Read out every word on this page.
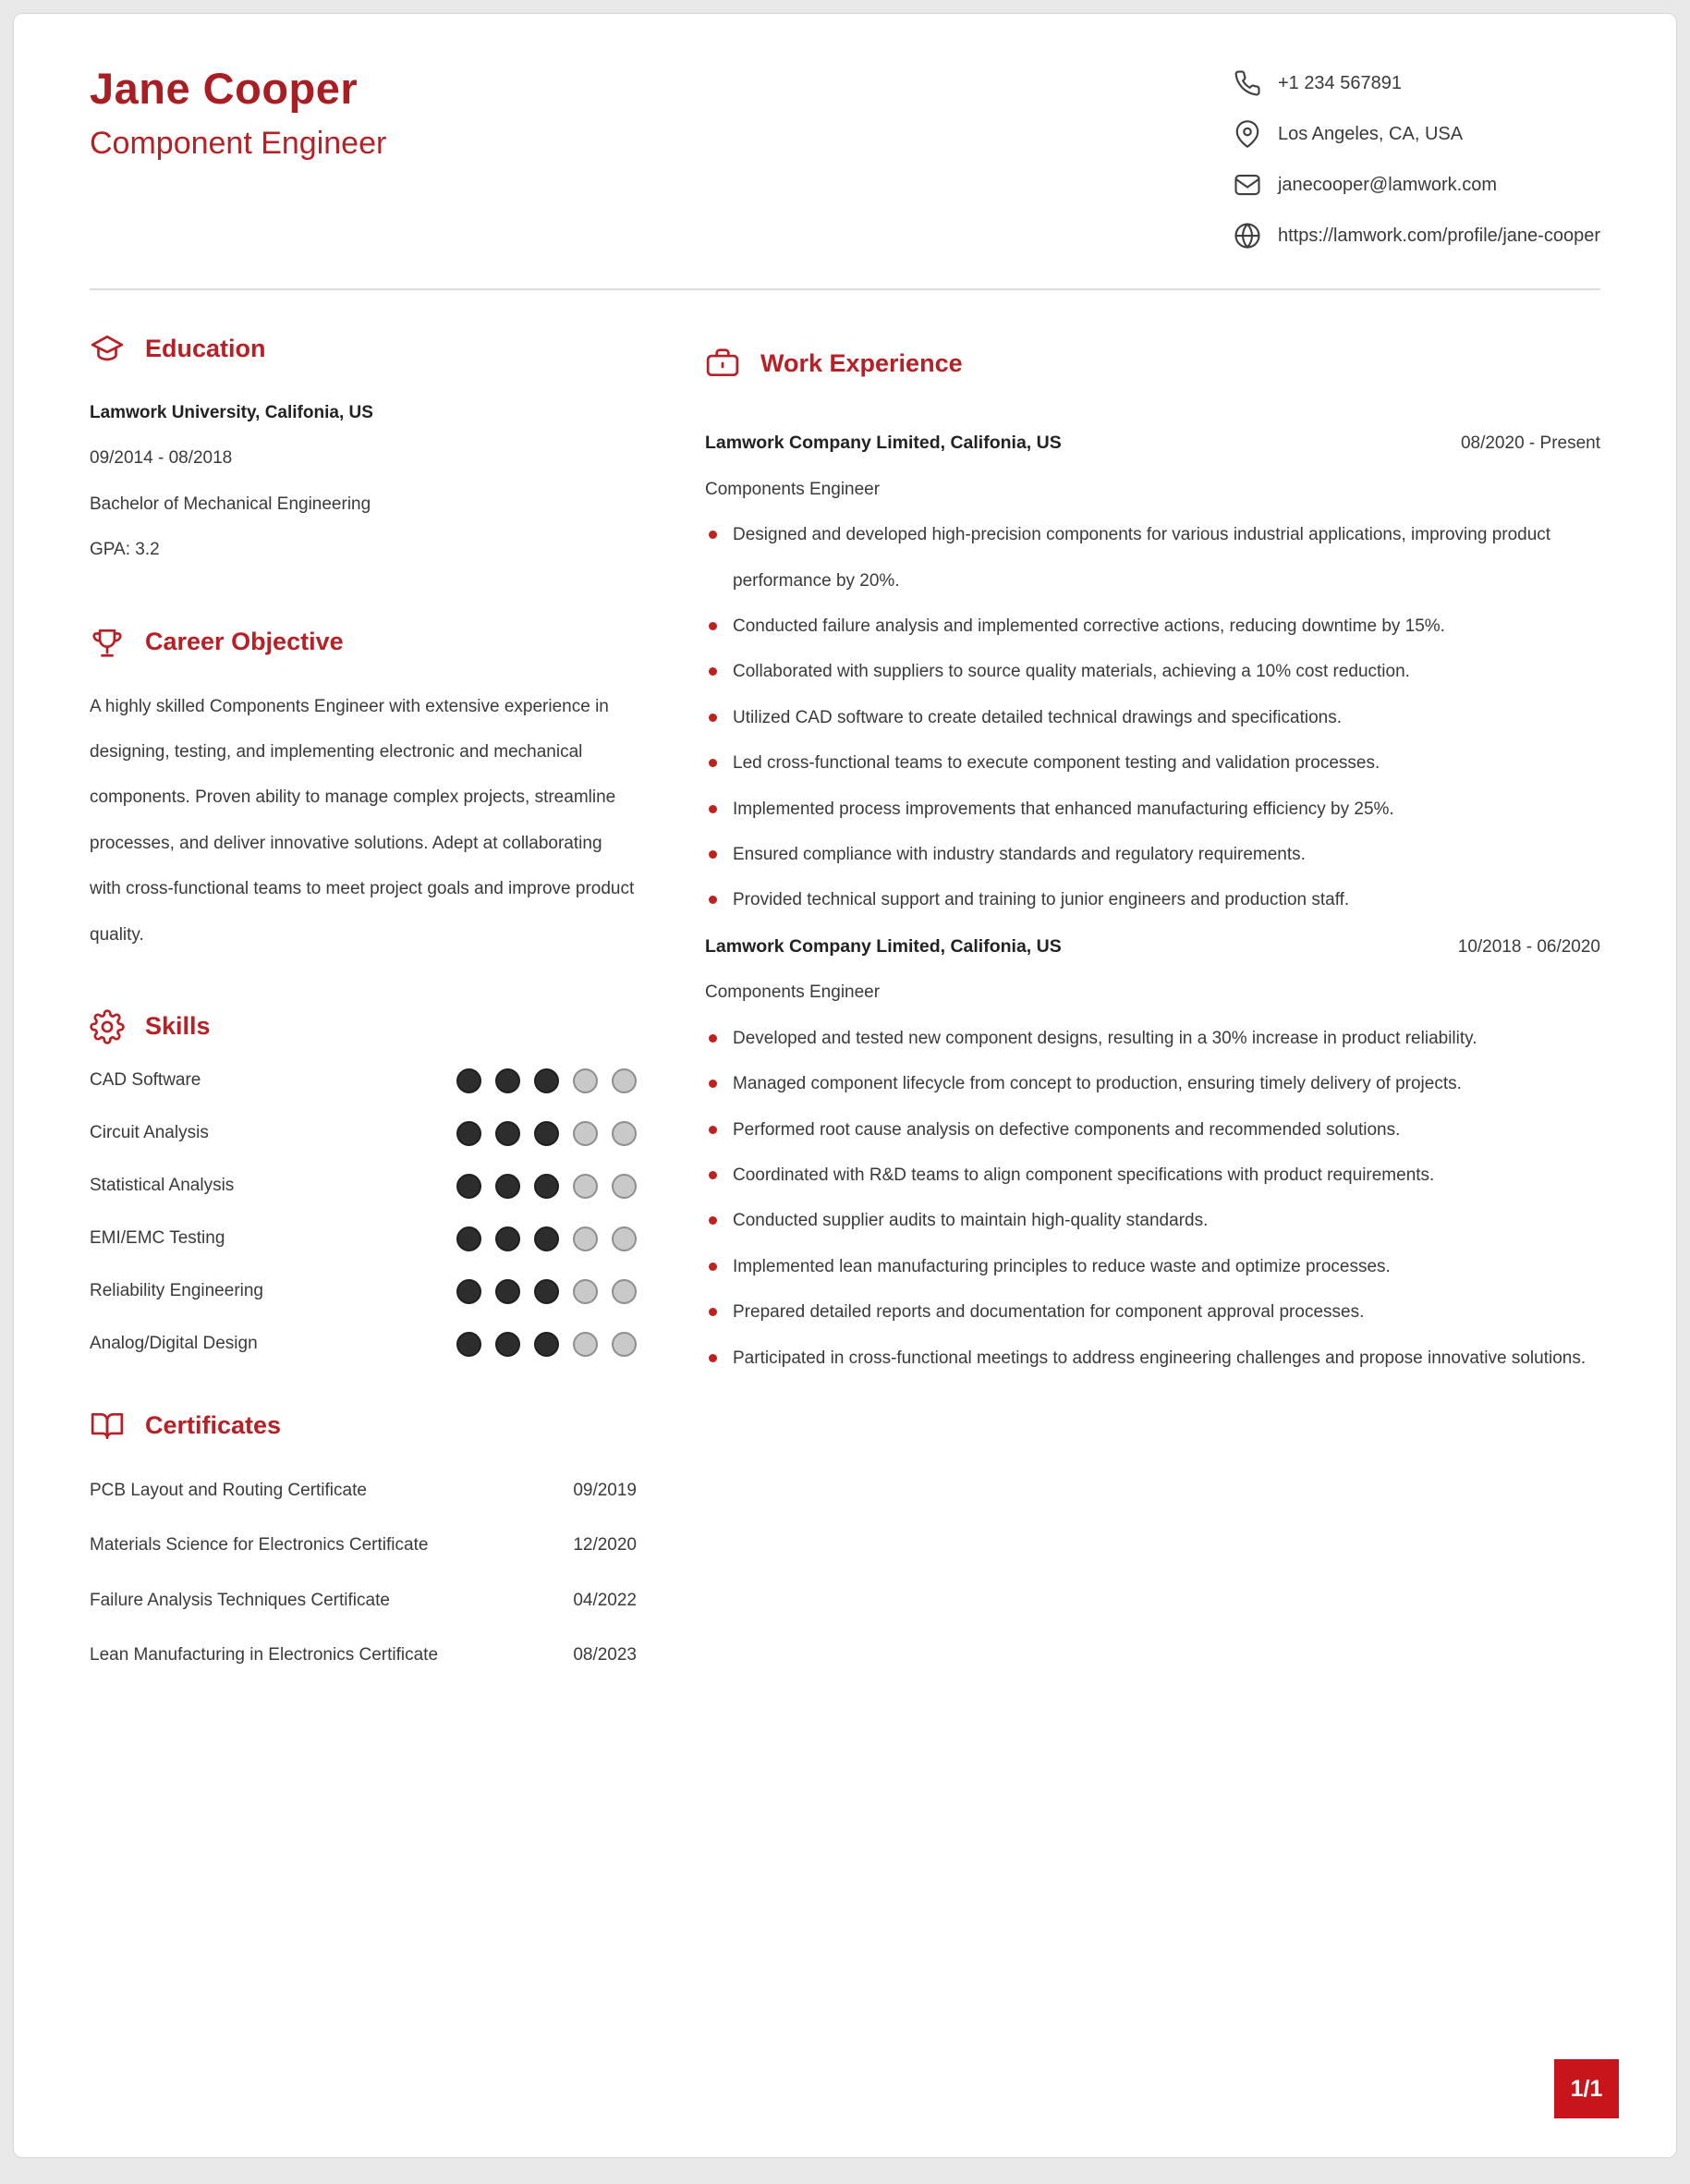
Jane Cooper
Component Engineer
+1 234 567891
Los Angeles, CA, USA
janecooper@lamwork.com
https://lamwork.com/profile/jane-cooper
Education

Lamwork University, Califonia, US

09/2014 - 08/2018

Bachelor of Mechanical Engineering

GPA: 3.2

Career Objective

A highly skilled Components Engineer with extensive experience in designing, testing, and implementing electronic and mechanical components. Proven ability to manage complex projects, streamline processes, and deliver innovative solutions. Adept at collaborating with cross-functional teams to meet project goals and improve product quality.

Skills
CAD Software
Circuit Analysis
Statistical Analysis
EMI/EMC Testing
Reliability Engineering
Analog/Digital Design
Certificates
PCB Layout and Routing Certificate	09/2019
Materials Science for Electronics Certificate	12/2020
Failure Analysis Techniques Certificate	04/2022
Lean Manufacturing in Electronics Certificate	08/2023
Work Experience
Lamwork Company Limited, Califonia, US	08/2020 - Present

Components Engineer

Designed and developed high-precision components for various industrial applications, improving product performance by 20%.
Conducted failure analysis and implemented corrective actions, reducing downtime by 15%.
Collaborated with suppliers to source quality materials, achieving a 10% cost reduction.
Utilized CAD software to create detailed technical drawings and specifications.
Led cross-functional teams to execute component testing and validation processes.
Implemented process improvements that enhanced manufacturing efficiency by 25%.
Ensured compliance with industry standards and regulatory requirements.
Provided technical support and training to junior engineers and production staff.
Lamwork Company Limited, Califonia, US	10/2018 - 06/2020

Components Engineer

Developed and tested new component designs, resulting in a 30% increase in product reliability.
Managed component lifecycle from concept to production, ensuring timely delivery of projects.
Performed root cause analysis on defective components and recommended solutions.
Coordinated with R&D teams to align component specifications with product requirements.
Conducted supplier audits to maintain high-quality standards.
Implemented lean manufacturing principles to reduce waste and optimize processes.
Prepared detailed reports and documentation for component approval processes.
Participated in cross-functional meetings to address engineering challenges and propose innovative solutions.
1/1
